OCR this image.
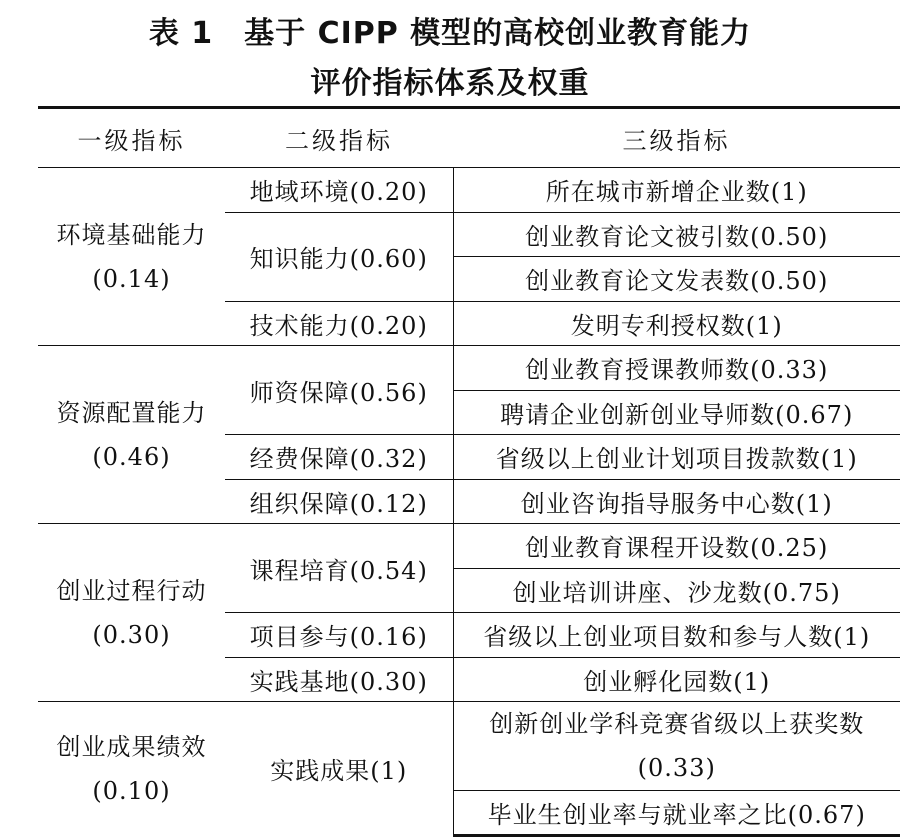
表 1　基于 CIPP 模型的高校创业教育能力
评价指标体系及权重
一级指标	二级指标	三级指标

环境基础能力
(0.14)	地域环境(0.20)	所在城市新增企业数(1)
	知识能力(0.60)	创业教育论文被引数(0.50)
		创业教育论文发表数(0.50)
	技术能力(0.20)	发明专利授权数(1)

资源配置能力
(0.46)	师资保障(0.56)	创业教育授课教师数(0.33)
		聘请企业创新创业导师数(0.67)
	经费保障(0.32)	省级以上创业计划项目拨款数(1)
	组织保障(0.12)	创业咨询指导服务中心数(1)

创业过程行动
(0.30)	课程培育(0.54)	创业教育课程开设数(0.25)
		创业培训讲座、沙龙数(0.75)
	项目参与(0.16)	省级以上创业项目数和参与人数(1)
	实践基地(0.30)	创业孵化园数(1)

创业成果绩效
(0.10)	实践成果(1)	创新创业学科竞赛省级以上获奖数
(0.33)

		毕业生创业率与就业率之比(0.67)
